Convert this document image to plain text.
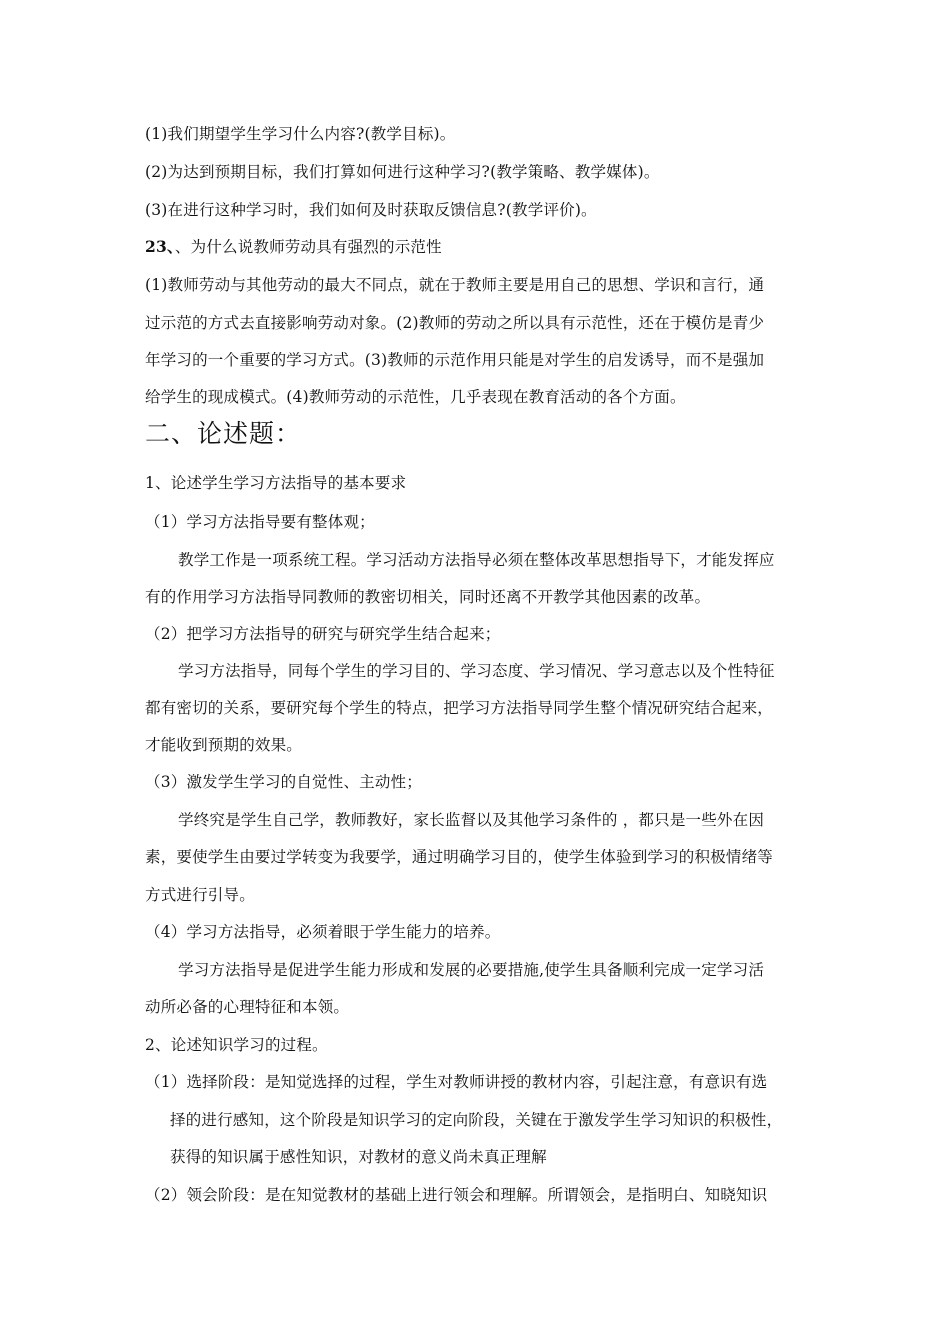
(1)我们期望学生学习什么内容?(教学目标)。
(2)为达到预期目标，我们打算如何进行这种学习?(教学策略、教学媒体)。
(3)在进行这种学习时，我们如何及时获取反馈信息?(教学评价)。
23、、为什么说教师劳动具有强烈的示范性
(1)教师劳动与其他劳动的最大不同点，就在于教师主要是用自己的思想、学识和言行，通
过示范的方式去直接影响劳动对象。(2)教师的劳动之所以具有示范性，还在于模仿是青少
年学习的一个重要的学习方式。(3)教师的示范作用只能是对学生的启发诱导，而不是强加
给学生的现成模式。(4)教师劳动的示范性，几乎表现在教育活动的各个方面。
二、论述题：
1、论述学生学习方法指导的基本要求
（1）学习方法指导要有整体观；
教学工作是一项系统工程。学习活动方法指导必须在整体改革思想指导下，才能发挥应
有的作用学习方法指导同教师的教密切相关，同时还离不开教学其他因素的改革。
（2）把学习方法指导的研究与研究学生结合起来；
学习方法指导，同每个学生的学习目的、学习态度、学习情况、学习意志以及个性特征
都有密切的关系，要研究每个学生的特点，把学习方法指导同学生整个情况研究结合起来，
才能收到预期的效果。
（3）激发学生学习的自觉性、主动性；
学终究是学生自己学，教师教好，家长监督以及其他学习条件的 ，都只是一些外在因
素，要使学生由要过学转变为我要学，通过明确学习目的，使学生体验到学习的积极情绪等
方式进行引导。
（4）学习方法指导，必须着眼于学生能力的培养。
学习方法指导是促进学生能力形成和发展的必要措施,使学生具备顺利完成一定学习活
动所必备的心理特征和本领。
2、论述知识学习的过程。
（1）选择阶段：是知觉选择的过程，学生对教师讲授的教材内容，引起注意，有意识有选
择的进行感知，这个阶段是知识学习的定向阶段，关键在于激发学生学习知识的积极性，
获得的知识属于感性知识，对教材的意义尚未真正理解
（2）领会阶段：是在知觉教材的基础上进行领会和理解。所谓领会，是指明白、知晓知识
